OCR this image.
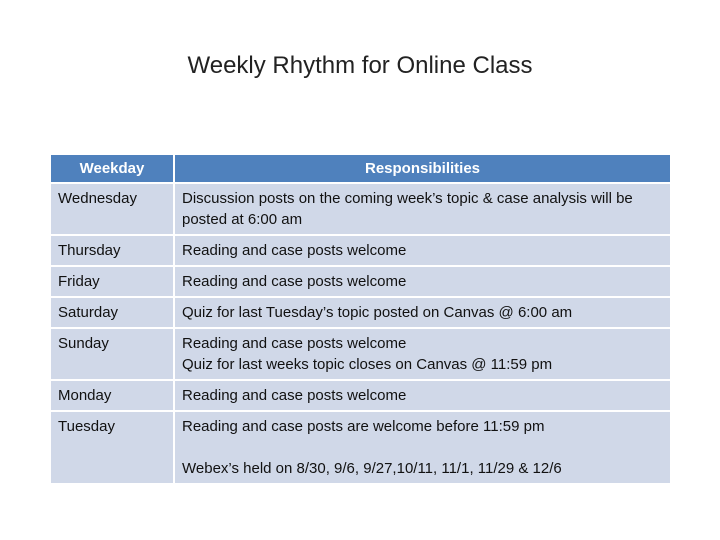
Weekly Rhythm for Online Class
Weekday	Responsibilities
Wednesday	Discussion posts on the coming week’s topic & case analysis will be posted at 6:00 am

Thursday	Reading and case posts welcome

Friday	Reading and case posts welcome

Saturday	Quiz for last Tuesday’s topic posted on Canvas @ 6:00 am

Sunday	Reading and case posts welcome
Quiz for last weeks topic closes on Canvas @ 11:59 pm

Monday	Reading and case posts welcome

Tuesday	Reading and case posts are welcome before 11:59 pm
Webex’s held on 8/30, 9/6, 9/27,10/11, 11/1, 11/29 & 12/6
